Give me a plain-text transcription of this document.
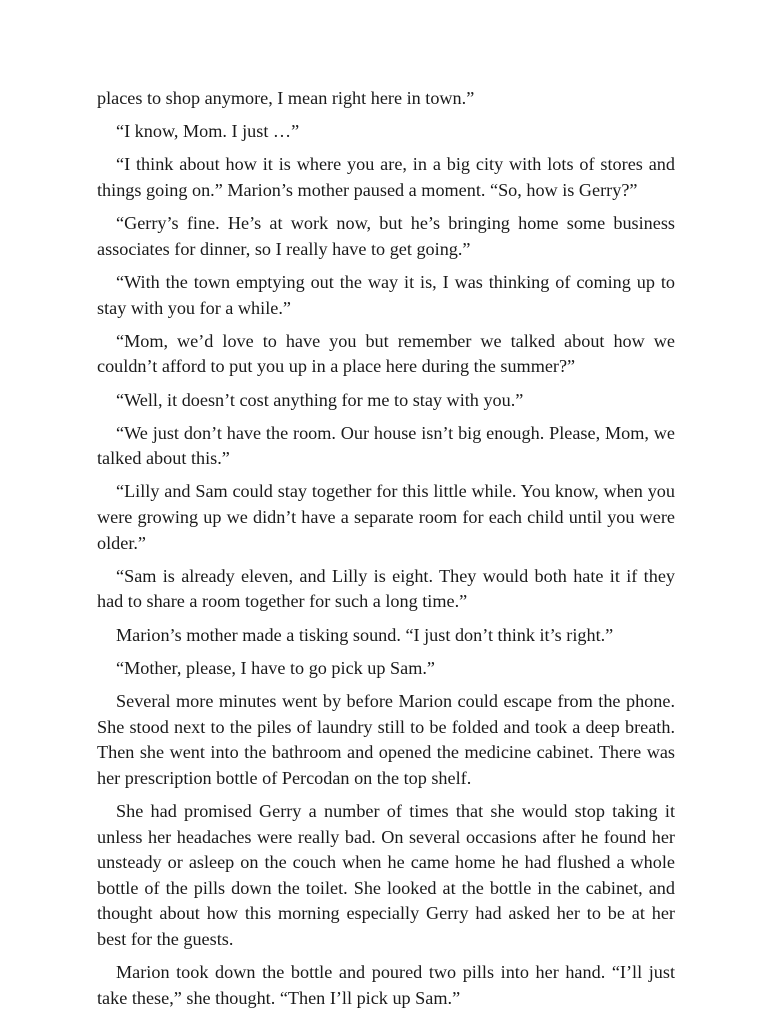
places to shop anymore, I mean right here in town.”

“I know, Mom. I just …”

“I think about how it is where you are, in a big city with lots of stores and things going on.” Marion’s mother paused a moment. “So, how is Gerry?”

“Gerry’s fine. He’s at work now, but he’s bringing home some business associates for dinner, so I really have to get going.”

“With the town emptying out the way it is, I was thinking of coming up to stay with you for a while.”

“Mom, we’d love to have you but remember we talked about how we couldn’t afford to put you up in a place here during the summer?”

“Well, it doesn’t cost anything for me to stay with you.”

“We just don’t have the room. Our house isn’t big enough. Please, Mom, we talked about this.”

“Lilly and Sam could stay together for this little while. You know, when you were growing up we didn’t have a separate room for each child until you were older.”

“Sam is already eleven, and Lilly is eight. They would both hate it if they had to share a room together for such a long time.”

Marion’s mother made a tisking sound. “I just don’t think it’s right.”

“Mother, please, I have to go pick up Sam.”

Several more minutes went by before Marion could escape from the phone. She stood next to the piles of laundry still to be folded and took a deep breath. Then she went into the bathroom and opened the medicine cabinet. There was her prescription bottle of Percodan on the top shelf.

She had promised Gerry a number of times that she would stop taking it unless her headaches were really bad. On several occasions after he found her unsteady or asleep on the couch when he came home he had flushed a whole bottle of the pills down the toilet. She looked at the bottle in the cabinet, and thought about how this morning especially Gerry had asked her to be at her best for the guests.

Marion took down the bottle and poured two pills into her hand. “I’ll just take these,” she thought. “Then I’ll pick up Sam.”
